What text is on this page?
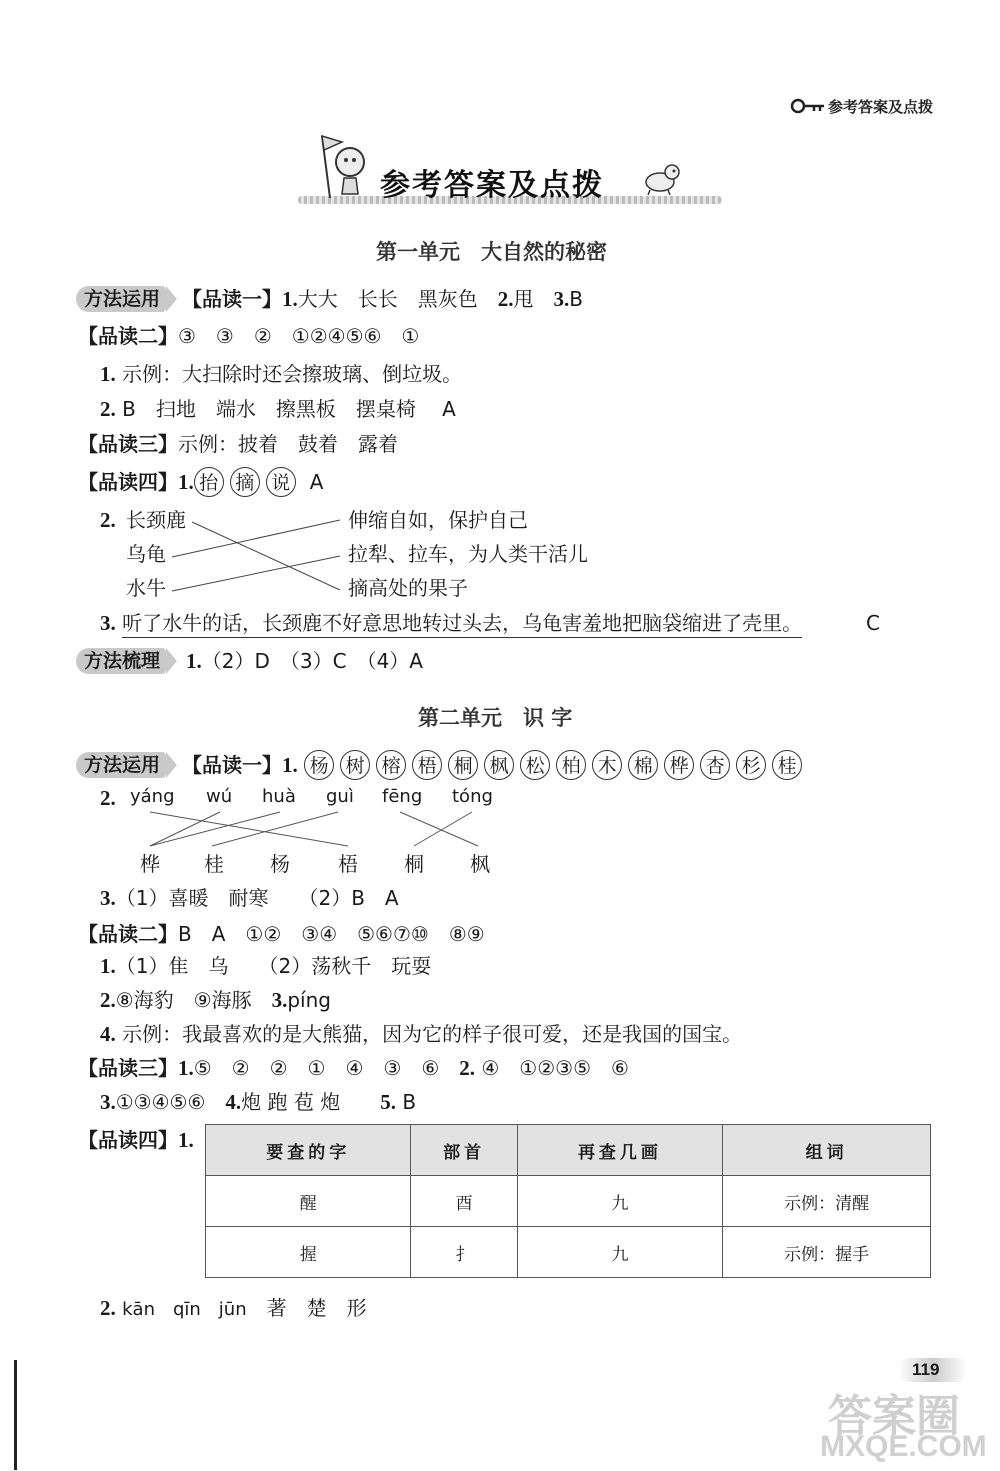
参考答案及点拨
参考答案及点拨
第一单元　大自然的秘密
方法运用	【品读一】1.大大　长长　黑灰色　2.甩　3.B
【品读二】③　③　②　①②④⑤⑥　①
1. 示例：大扫除时还会擦玻璃、倒垃圾。
2. B　扫地　端水　擦黑板　摆桌椅　 A
【品读三】示例：披着　鼓着　露着
【品读四】1. 抬 摘 说 A
2. 长颈鹿
乌龟
水牛
伸缩自如，保护自己
拉犁、拉车，为人类干活儿
摘高处的果子
3. 听了水牛的话，长颈鹿不好意思地转过头去，乌龟害羞地把脑袋缩进了壳里。	C
方法梳理 1.（2）D　（3）C　（4）A
第二单元　识 字
方法运用	【品读一】1. 杨 树 榕 梧 桐 枫 松 柏 木 棉 桦 杏 杉 桂
2. yáng wú huà guì fēng tóng
桦 桂 杨 梧 桐 枫
3.（1）喜暖　耐寒　　（2）B　A
【品读二】B　A　①②　③④　⑤⑥⑦⑩　⑧⑨
1.（1）隹　乌　　（2）荡秋千　玩耍
2.⑧海豹　⑨海豚　3.píng
4. 示例：我最喜欢的是大熊猫，因为它的样子很可爱，还是我国的国宝。
【品读三】1.⑤　②　②　①　④　③　⑥　2. ④　①②③⑤　⑥
3.①③④⑤⑥　4.炮 跑 苞 炮　　5. B
【品读四】1.
要查的字	部首	再查几画	组词
醒	酉	九	示例：清醒
握	扌	九	示例：握手
2. kān　qīn　jūn　 著　楚　形
119
答案圈
MXQE.COM
